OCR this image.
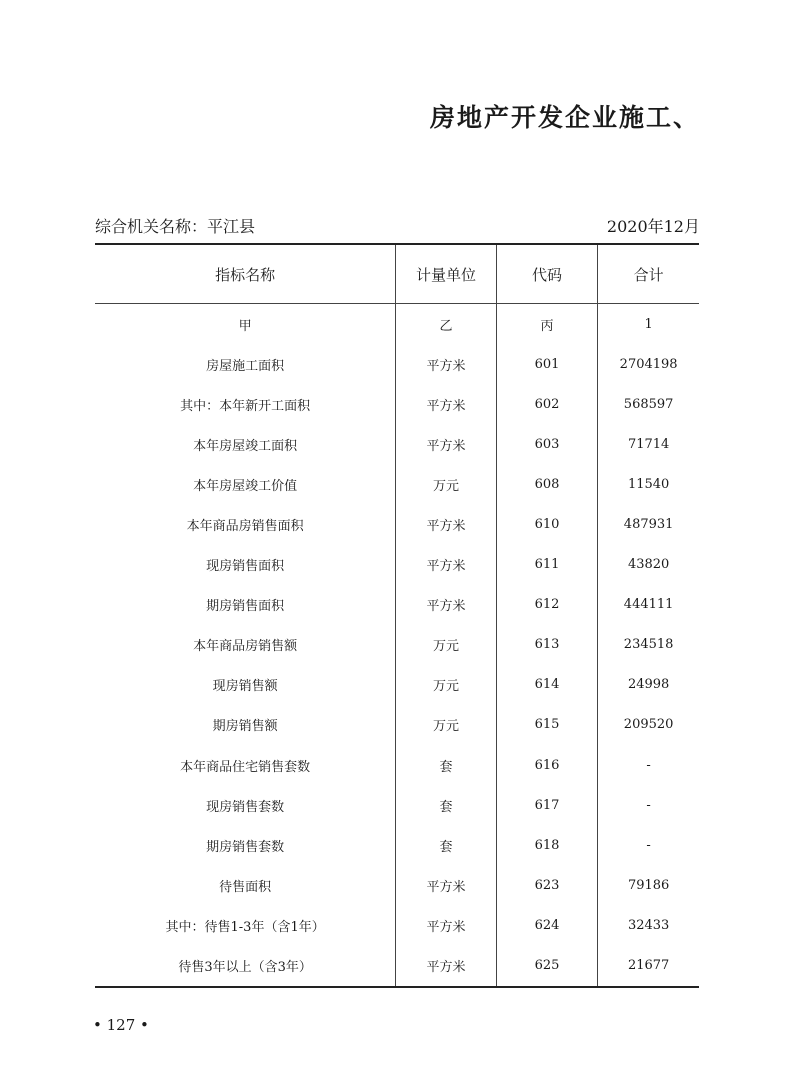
房地产开发企业施工、
综合机关名称：平江县	2020年12月
指标名称	计量单位	代码	合计
甲	乙	丙	1
房屋施工面积	平方米	601	2704198
其中：本年新开工面积	平方米	602	568597
本年房屋竣工面积	平方米	603	71714
本年房屋竣工价值	万元	608	11540
本年商品房销售面积	平方米	610	487931
现房销售面积	平方米	611	43820
期房销售面积	平方米	612	444111
本年商品房销售额	万元	613	234518
现房销售额	万元	614	24998
期房销售额	万元	615	209520
本年商品住宅销售套数	套	616	-
现房销售套数	套	617	-
期房销售套数	套	618	-
待售面积	平方米	623	79186
其中：待售1-3年（含1年）	平方米	624	32433
待售3年以上（含3年）	平方米	625	21677
• 127 •
